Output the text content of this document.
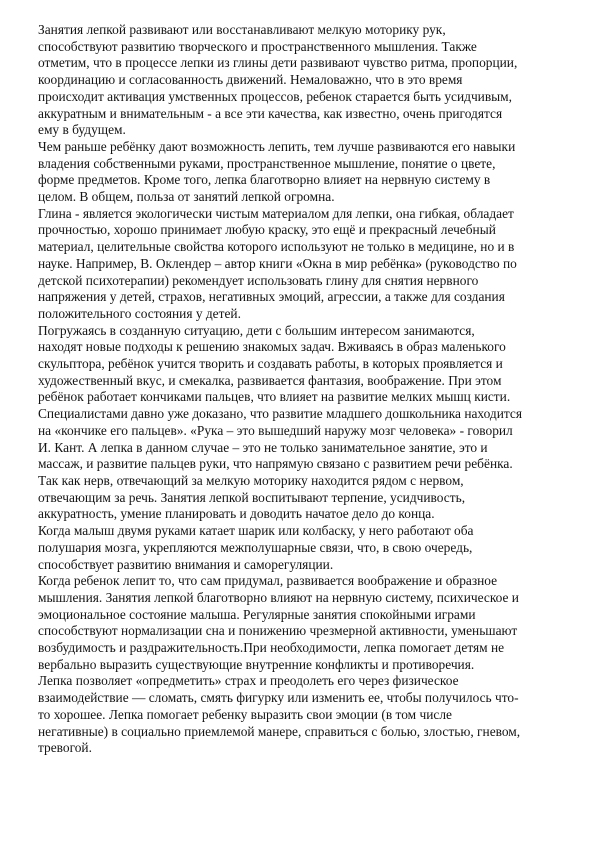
Занятия лепкой развивают или восстанавливают мелкую моторику рук,
способствуют развитию творческого и пространственного мышления. Также
отметим, что в процессе лепки из глины дети развивают чувство ритма, пропорции,
координацию и согласованность движений. Немаловажно, что в это время
происходит активация умственных процессов, ребенок старается быть усидчивым,
аккуратным и внимательным - а все эти качества, как известно, очень пригодятся
ему в будущем.
Чем раньше ребёнку дают возможность лепить, тем лучше развиваются его навыки
владения собственными руками, пространственное мышление, понятие о цвете,
форме предметов. Кроме того, лепка благотворно влияет на нервную систему в
целом. В общем, польза от занятий лепкой огромна.
Глина - является экологически чистым материалом для лепки, она гибкая, обладает
прочностью, хорошо принимает любую краску, это ещё и прекрасный лечебный
материал, целительные свойства которого используют не только в медицине, но и в
науке. Например, В. Оклендер – автор книги «Окна в мир ребёнка» (руководство по
детской психотерапии) рекомендует использовать глину для снятия нервного
напряжения у детей, страхов, негативных эмоций, агрессии, а также для создания
положительного состояния у детей.
Погружаясь в созданную ситуацию, дети с большим интересом занимаются,
находят новые подходы к решению знакомых задач. Вживаясь в образ маленького
скульптора, ребёнок учится творить и создавать работы, в которых проявляется и
художественный вкус, и смекалка, развивается фантазия, воображение. При этом
ребёнок работает кончиками пальцев, что влияет на развитие мелких мышц кисти.
Специалистами давно уже доказано, что развитие младшего дошкольника находится
на «кончике его пальцев». «Рука – это вышедший наружу мозг человека» - говорил
И. Кант. А лепка в данном случае – это не только занимательное занятие, это и
массаж, и развитие пальцев руки, что напрямую связано с развитием речи ребёнка.
Так как нерв, отвечающий за мелкую моторику находится рядом с нервом,
отвечающим за речь. Занятия лепкой воспитывают терпение, усидчивость,
аккуратность, умение планировать и доводить начатое дело до конца.
Когда малыш двумя руками катает шарик или колбаску, у него работают оба
полушария мозга, укрепляются межполушарные связи, что, в свою очередь,
способствует развитию внимания и саморегуляции.
Когда ребенок лепит то, что сам придумал, развивается воображение и образное
мышления. Занятия лепкой благотворно влияют на нервную систему, психическое и
эмоциональное состояние малыша. Регулярные занятия спокойными играми
способствуют нормализации сна и понижению чрезмерной активности, уменьшают
возбудимость и раздражительность.При необходимости, лепка помогает детям не
вербально выразить существующие внутренние конфликты и противоречия.
Лепка позволяет «опредметить» страх и преодолеть его через физическое
взаимодействие — сломать, смять фигурку или изменить ее, чтобы получилось что-
то хорошее. Лепка помогает ребенку выразить свои эмоции (в том числе
негативные) в социально приемлемой манере, справиться с болью, злостью, гневом,
тревогой.
